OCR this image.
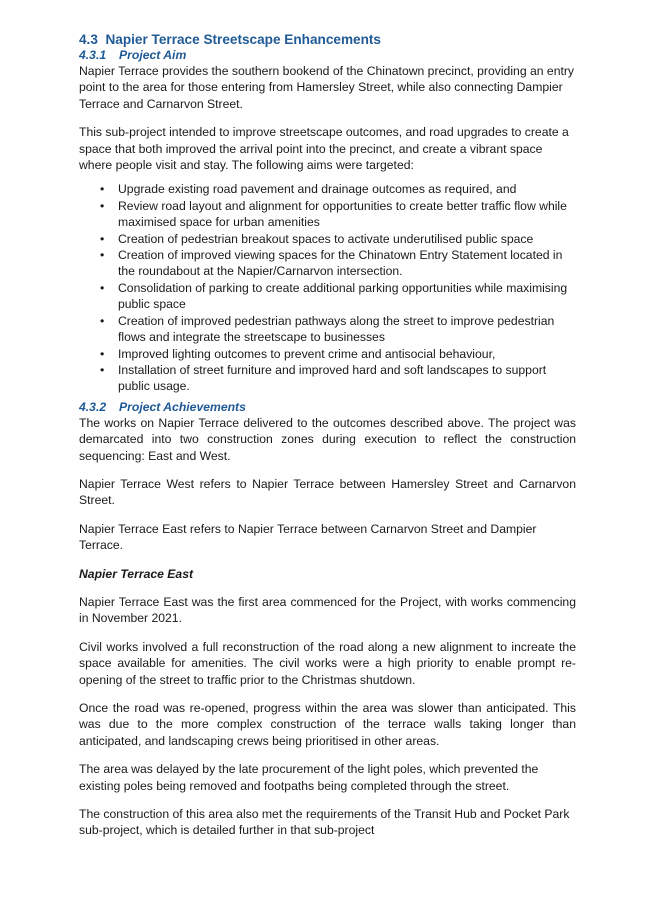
4.3 Napier Terrace Streetscape Enhancements
4.3.1 Project Aim

Napier Terrace provides the southern bookend of the Chinatown precinct, providing an entry point to the area for those entering from Hamersley Street, while also connecting Dampier Terrace and Carnarvon Street.

This sub-project intended to improve streetscape outcomes, and road upgrades to create a space that both improved the arrival point into the precinct, and create a vibrant space where people visit and stay. The following aims were targeted:

• Upgrade existing road pavement and drainage outcomes as required, and
• Review road layout and alignment for opportunities to create better traffic flow while maximised space for urban amenities
• Creation of pedestrian breakout spaces to activate underutilised public space
• Creation of improved viewing spaces for the Chinatown Entry Statement located in the roundabout at the Napier/Carnarvon intersection.
• Consolidation of parking to create additional parking opportunities while maximising public space
• Creation of improved pedestrian pathways along the street to improve pedestrian flows and integrate the streetscape to businesses
• Improved lighting outcomes to prevent crime and antisocial behaviour,
• Installation of street furniture and improved hard and soft landscapes to support public usage.
4.3.2 Project Achievements

The works on Napier Terrace delivered to the outcomes described above. The project was demarcated into two construction zones during execution to reflect the construction sequencing: East and West.

Napier Terrace West refers to Napier Terrace between Hamersley Street and Carnarvon Street.

Napier Terrace East refers to Napier Terrace between Carnarvon Street and Dampier Terrace.

Napier Terrace East

Napier Terrace East was the first area commenced for the Project, with works commencing in November 2021.

Civil works involved a full reconstruction of the road along a new alignment to increate the space available for amenities. The civil works were a high priority to enable prompt re-opening of the street to traffic prior to the Christmas shutdown.

Once the road was re-opened, progress within the area was slower than anticipated. This was due to the more complex construction of the terrace walls taking longer than anticipated, and landscaping crews being prioritised in other areas.

The area was delayed by the late procurement of the light poles, which prevented the existing poles being removed and footpaths being completed through the street.

The construction of this area also met the requirements of the Transit Hub and Pocket Park sub-project, which is detailed further in that sub-project
